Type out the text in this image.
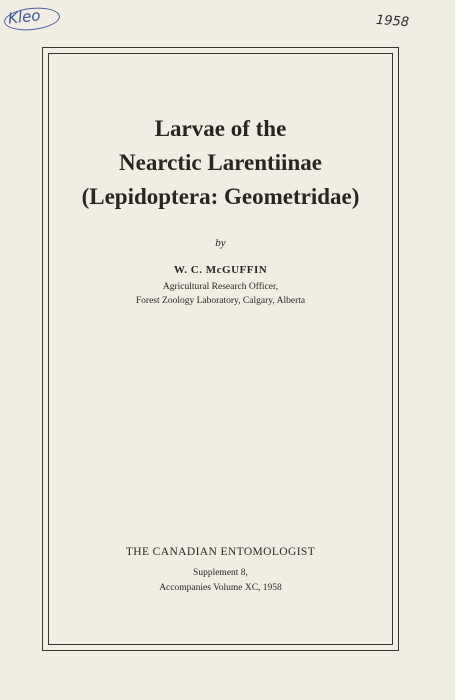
Kleo	1958
Larvae of the
Nearctic Larentiinae
(Lepidoptera: Geometridae)
by
W. C. McGUFFIN
Agricultural Research Officer,
Forest Zoology Laboratory, Calgary, Alberta
THE CANADIAN ENTOMOLOGIST
Supplement 8,
Accompanies Volume XC, 1958
